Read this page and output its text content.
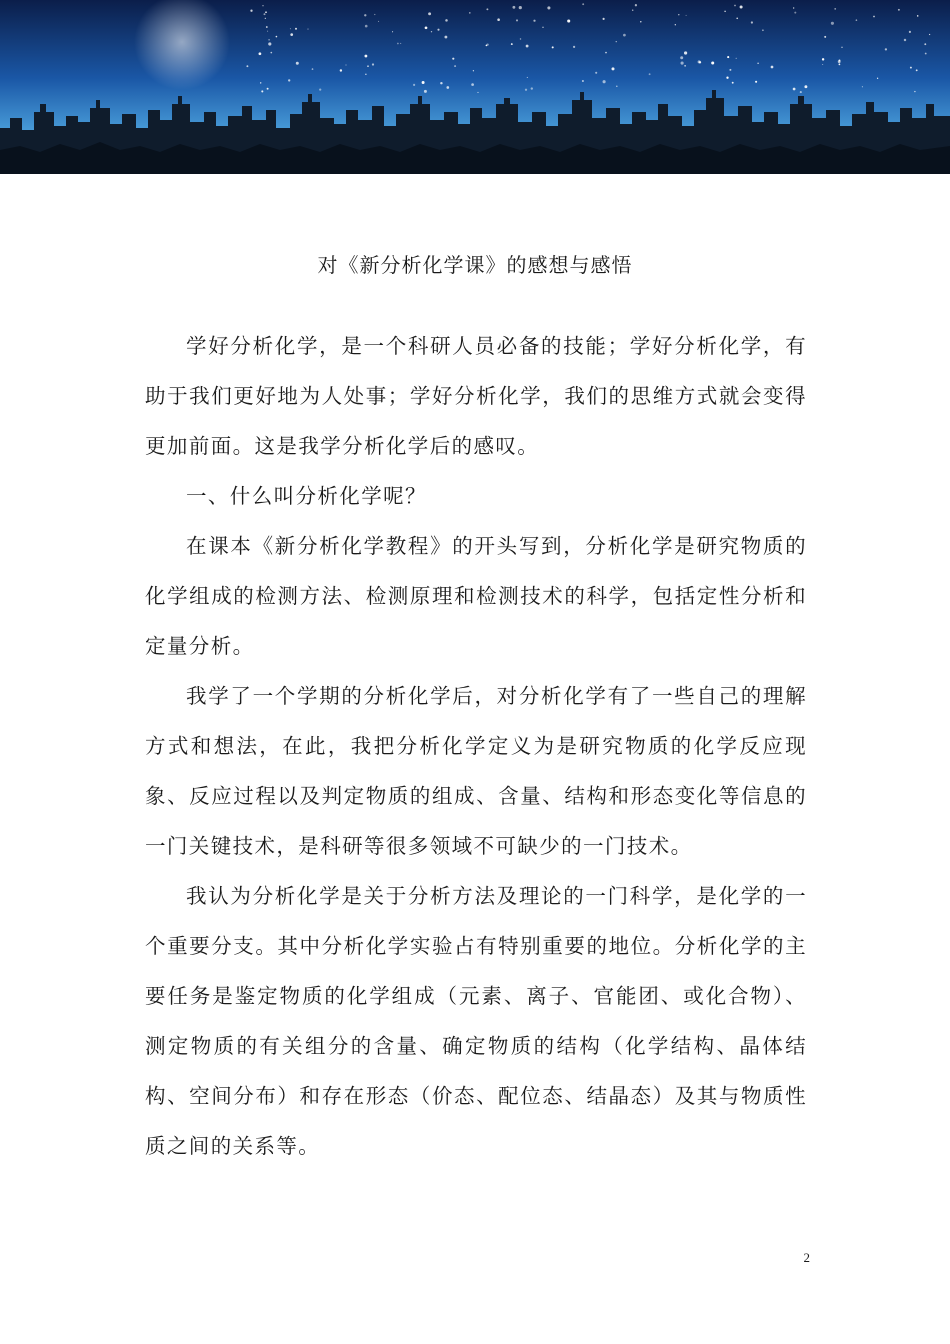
对《新分析化学课》的感想与感悟

学好分析化学，是一个科研人员必备的技能；学好分析化学，有助于我们更好地为人处事；学好分析化学，我们的思维方式就会变得更加前面。这是我学分析化学后的感叹。

一、什么叫分析化学呢？

在课本《新分析化学教程》的开头写到，分析化学是研究物质的化学组成的检测方法、检测原理和检测技术的科学，包括定性分析和定量分析。

我学了一个学期的分析化学后，对分析化学有了一些自己的理解方式和想法，在此，我把分析化学定义为是研究物质的化学反应现象、反应过程以及判定物质的组成、含量、结构和形态变化等信息的一门关键技术，是科研等很多领域不可缺少的一门技术。

我认为分析化学是关于分析方法及理论的一门科学，是化学的一个重要分支。其中分析化学实验占有特别重要的地位。分析化学的主要任务是鉴定物质的化学组成（元素、离子、官能团、或化合物）、测定物质的有关组分的含量、确定物质的结构（化学结构、晶体结构、空间分布）和存在形态（价态、配位态、结晶态）及其与物质性质之间的关系等。

2
